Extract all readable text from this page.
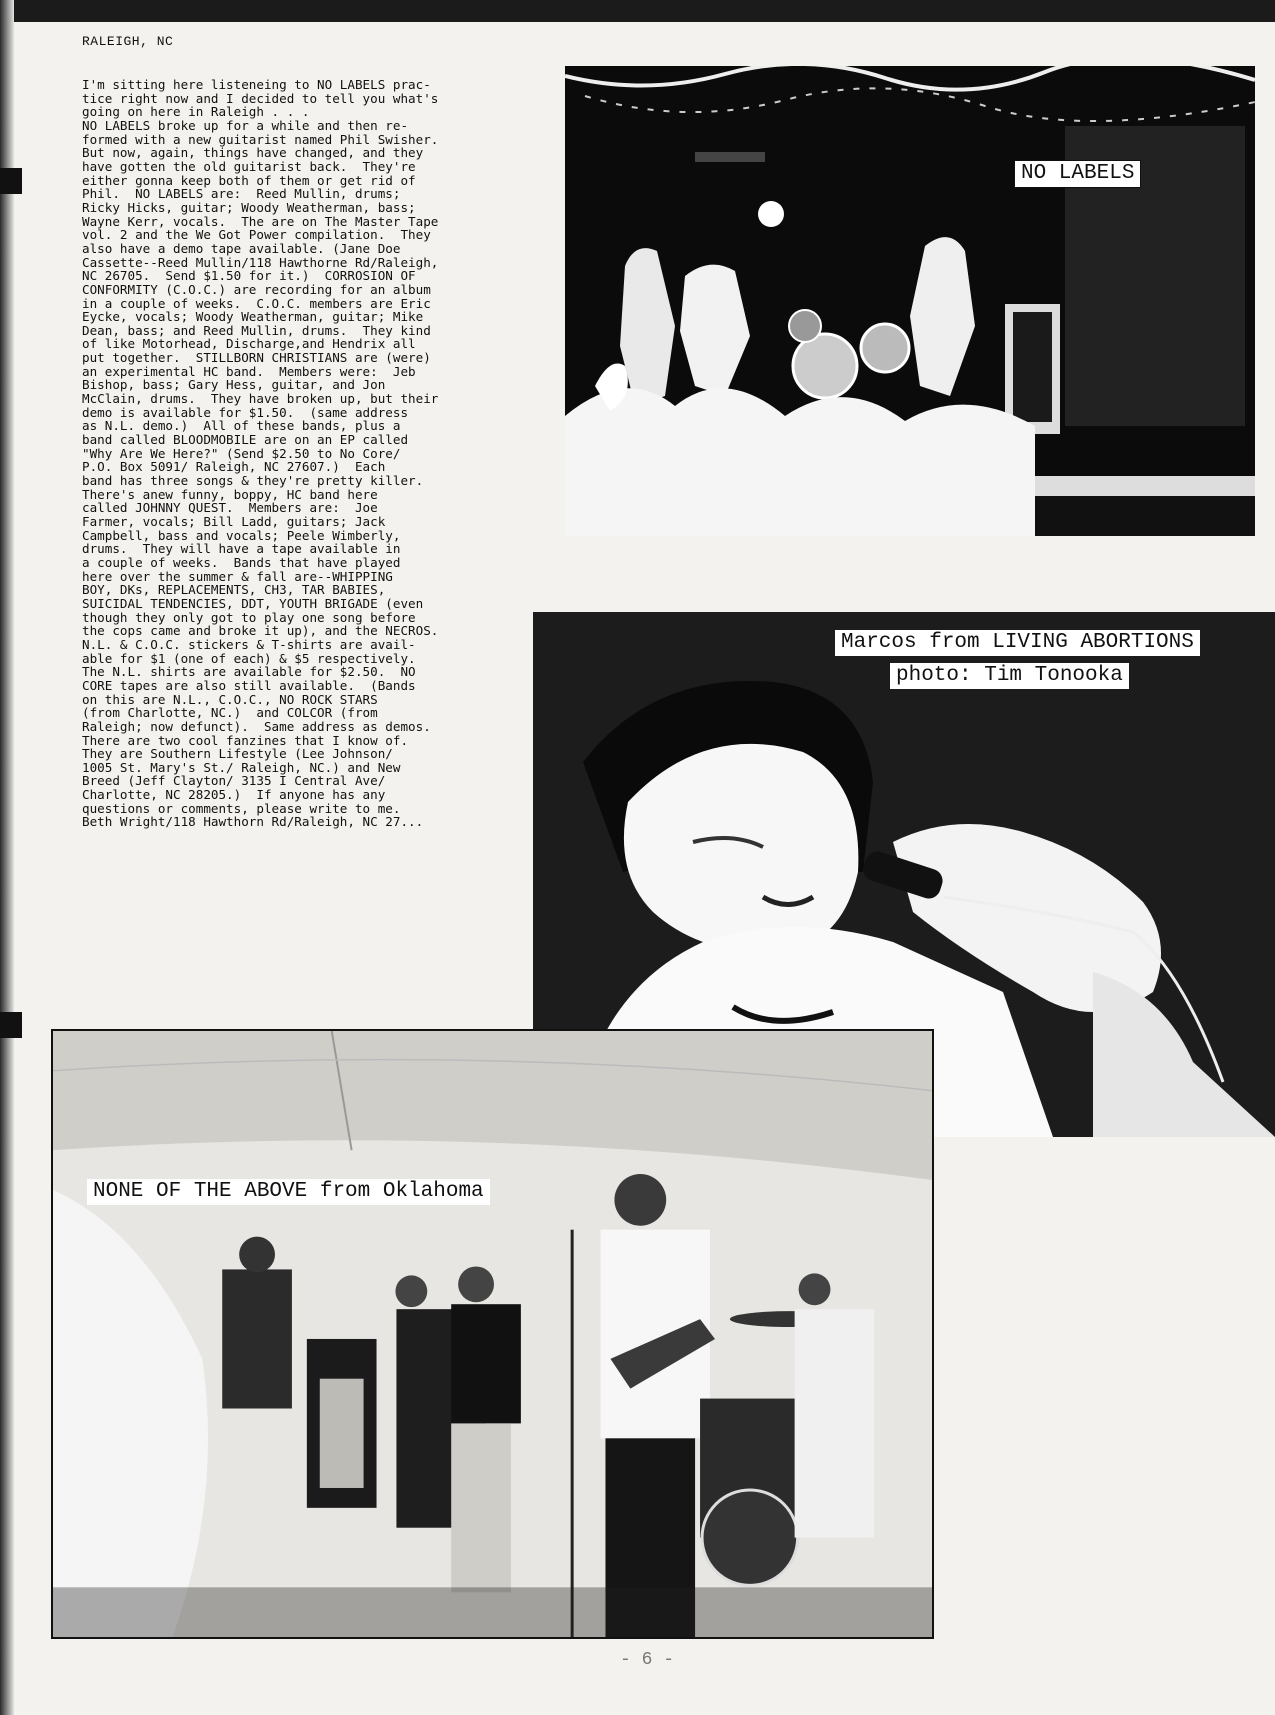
RALEIGH, NC
I'm sitting here listeneing to NO LABELS prac-
tice right now and I decided to tell you what's
going on here in Raleigh . . .
NO LABELS broke up for a while and then re-
formed with a new guitarist named Phil Swisher.
But now, again, things have changed, and they
have gotten the old guitarist back.  They're
either gonna keep both of them or get rid of
Phil.  NO LABELS are:  Reed Mullin, drums;
Ricky Hicks, guitar; Woody Weatherman, bass;
Wayne Kerr, vocals.  The are on The Master Tape
vol. 2 and the We Got Power compilation.  They
also have a demo tape available. (Jane Doe
Cassette--Reed Mullin/118 Hawthorne Rd/Raleigh,
NC 26705.  Send $1.50 for it.)  CORROSION OF
CONFORMITY (C.O.C.) are recording for an album
in a couple of weeks.  C.O.C. members are Eric
Eycke, vocals; Woody Weatherman, guitar; Mike
Dean, bass; and Reed Mullin, drums.  They kind
of like Motorhead, Discharge,and Hendrix all
put together.  STILLBORN CHRISTIANS are (were)
an experimental HC band.  Members were:  Jeb
Bishop, bass; Gary Hess, guitar, and Jon
McClain, drums.  They have broken up, but their
demo is available for $1.50.  (same address
as N.L. demo.)  All of these bands, plus a
band called BLOODMOBILE are on an EP called
"Why Are We Here?" (Send $2.50 to No Core/
P.O. Box 5091/ Raleigh, NC 27607.)  Each
band has three songs & they're pretty killer.
There's anew funny, boppy, HC band here
called JOHNNY QUEST.  Members are:  Joe
Farmer, vocals; Bill Ladd, guitars; Jack
Campbell, bass and vocals; Peele Wimberly,
drums.  They will have a tape available in
a couple of weeks.  Bands that have played
here over the summer & fall are--WHIPPING
BOY, DKs, REPLACEMENTS, CH3, TAR BABIES,
SUICIDAL TENDENCIES, DDT, YOUTH BRIGADE (even
though they only got to play one song before
the cops came and broke it up), and the NECROS.
N.L. & C.O.C. stickers & T-shirts are avail-
able for $1 (one of each) & $5 respectively.
The N.L. shirts are available for $2.50.  NO
CORE tapes are also still available.  (Bands
on this are N.L., C.O.C., NO ROCK STARS
(from Charlotte, NC.)  and COLCOR (from
Raleigh; now defunct).  Same address as demos.
There are two cool fanzines that I know of.
They are Southern Lifestyle (Lee Johnson/
1005 St. Mary's St./ Raleigh, NC.) and New
Breed (Jeff Clayton/ 3135 I Central Ave/
Charlotte, NC 28205.)  If anyone has any
questions or comments, please write to me.
Beth Wright/118 Hawthorn Rd/Raleigh, NC 27...

NO LABELS
Marcos from LIVING ABORTIONS
photo: Tim Tonooka
NONE OF THE ABOVE from Oklahoma
- 6 -
